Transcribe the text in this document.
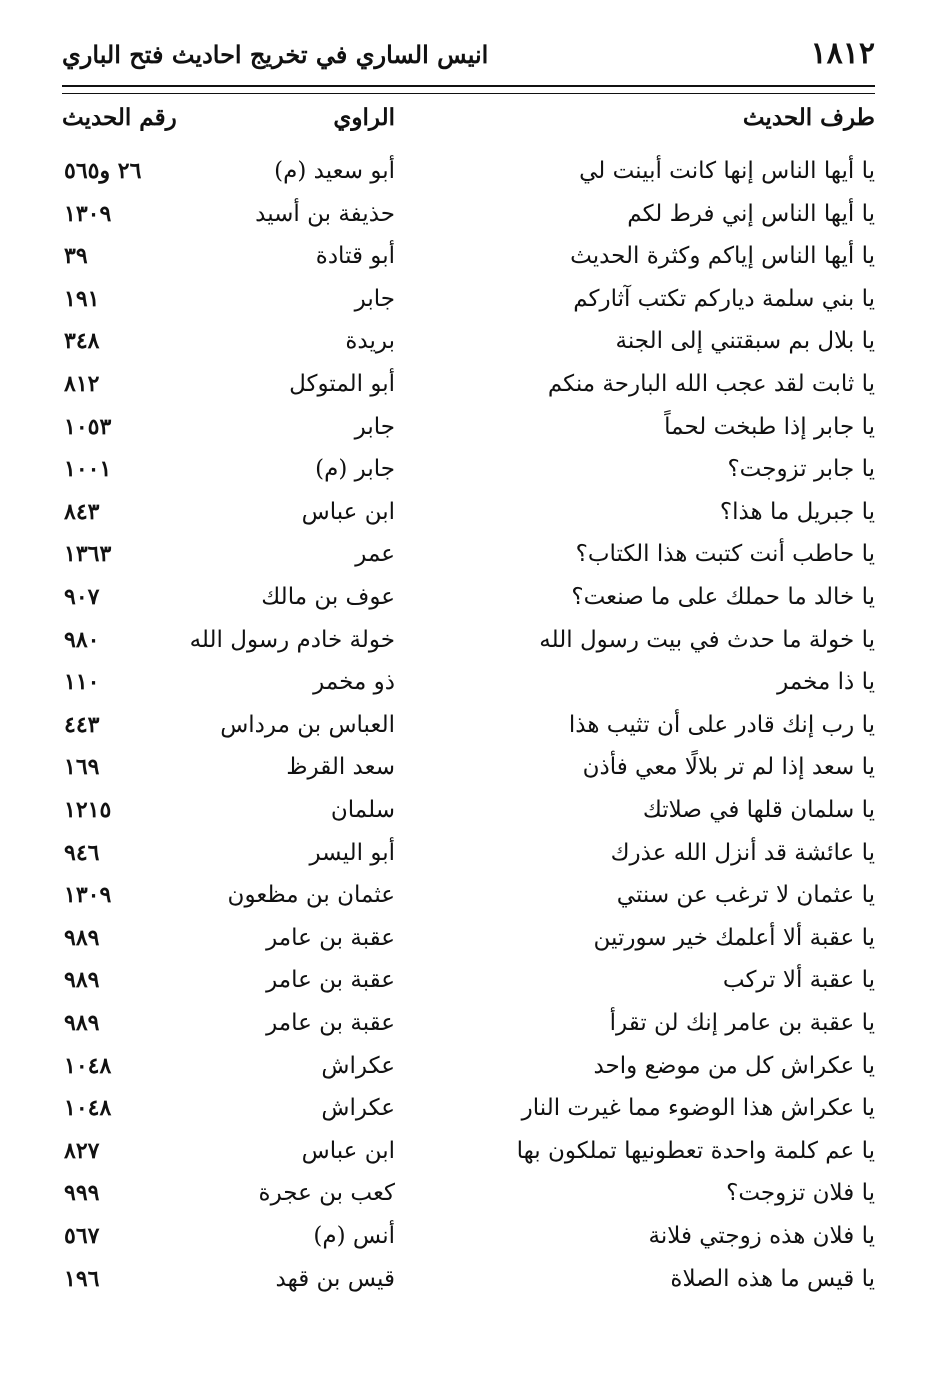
١٨١٢
انيس الساري في تخريج احاديث فتح الباري
طرف الحديث
الراوي
رقم الحديث
يا أيها الناس إنها كانت أبينت لي
أبو سعيد (م)
٢٦ و٥٦٥
يا أيها الناس إني فرط لكم
حذيفة بن أسيد
١٣٠٩
يا أيها الناس إياكم وكثرة الحديث
أبو قتادة
٣٩
يا بني سلمة دياركم تكتب آثاركم
جابر
١٩١
يا بلال بم سبقتني إلى الجنة
بريدة
٣٤٨
يا ثابت لقد عجب الله البارحة منكم
أبو المتوكل
٨١٢
يا جابر إذا طبخت لحماً
جابر
١٠٥٣
يا جابر تزوجت؟
جابر (م)
١٠٠١
يا جبريل ما هذا؟
ابن عباس
٨٤٣
يا حاطب أنت كتبت هذا الكتاب؟
عمر
١٣٦٣
يا خالد ما حملك على ما صنعت؟
عوف بن مالك
٩٠٧
يا خولة ما حدث في بيت رسول الله
خولة خادم رسول الله
٩٨٠
يا ذا مخمر
ذو مخمر
١١٠
يا رب إنك قادر على أن تثيب هذا
العباس بن مرداس
٤٤٣
يا سعد إذا لم تر بلالًا معي فأذن
سعد القرظ
١٦٩
يا سلمان قلها في صلاتك
سلمان
١٢١٥
يا عائشة قد أنزل الله عذرك
أبو اليسر
٩٤٦
يا عثمان لا ترغب عن سنتي
عثمان بن مظعون
١٣٠٩
يا عقبة ألا أعلمك خير سورتين
عقبة بن عامر
٩٨٩
يا عقبة ألا تركب
عقبة بن عامر
٩٨٩
يا عقبة بن عامر إنك لن تقرأ
عقبة بن عامر
٩٨٩
يا عكراش كل من موضع واحد
عكراش
١٠٤٨
يا عكراش هذا الوضوء مما غيرت النار
عكراش
١٠٤٨
يا عم كلمة واحدة تعطونيها تملكون بها
ابن عباس
٨٢٧
يا فلان تزوجت؟
كعب بن عجرة
٩٩٩
يا فلان هذه زوجتي فلانة
أنس (م)
٥٦٧
يا قيس ما هذه الصلاة
قيس بن قهد
١٩٦
